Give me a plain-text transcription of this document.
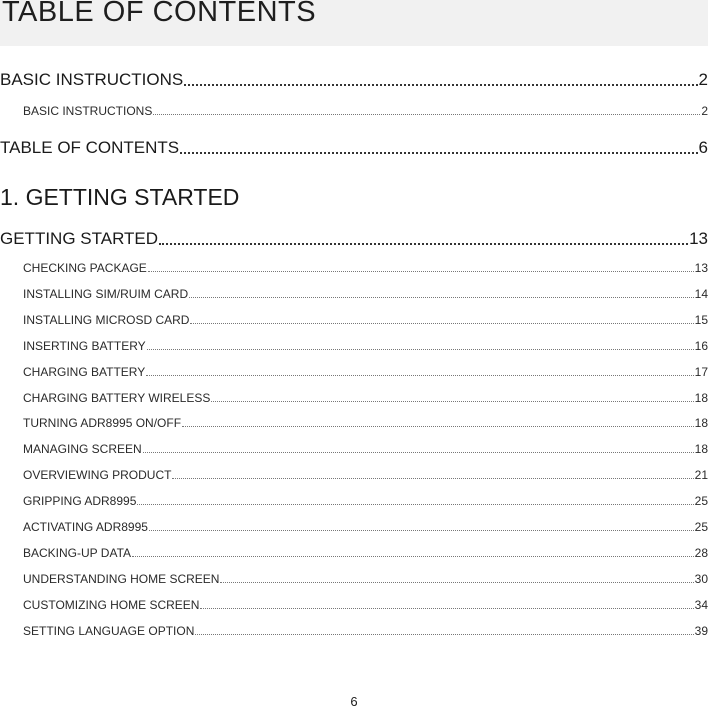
TABLE OF CONTENTS
BASIC INSTRUCTIONS	2
BASIC INSTRUCTIONS	2
TABLE OF CONTENTS	6
1. GETTING STARTED
GETTING STARTED	13
CHECKING PACKAGE	13
INSTALLING SIM/RUIM CARD	14
INSTALLING MICROSD CARD	15
INSERTING BATTERY	16
CHARGING BATTERY	17
CHARGING BATTERY WIRELESS	18
TURNING ADR8995 ON/OFF	18
MANAGING SCREEN	18
OVERVIEWING PRODUCT	21
GRIPPING ADR8995	25
ACTIVATING ADR8995	25
BACKING-UP DATA	28
UNDERSTANDING HOME SCREEN	30
CUSTOMIZING HOME SCREEN	34
SETTING LANGUAGE OPTION	39
6
